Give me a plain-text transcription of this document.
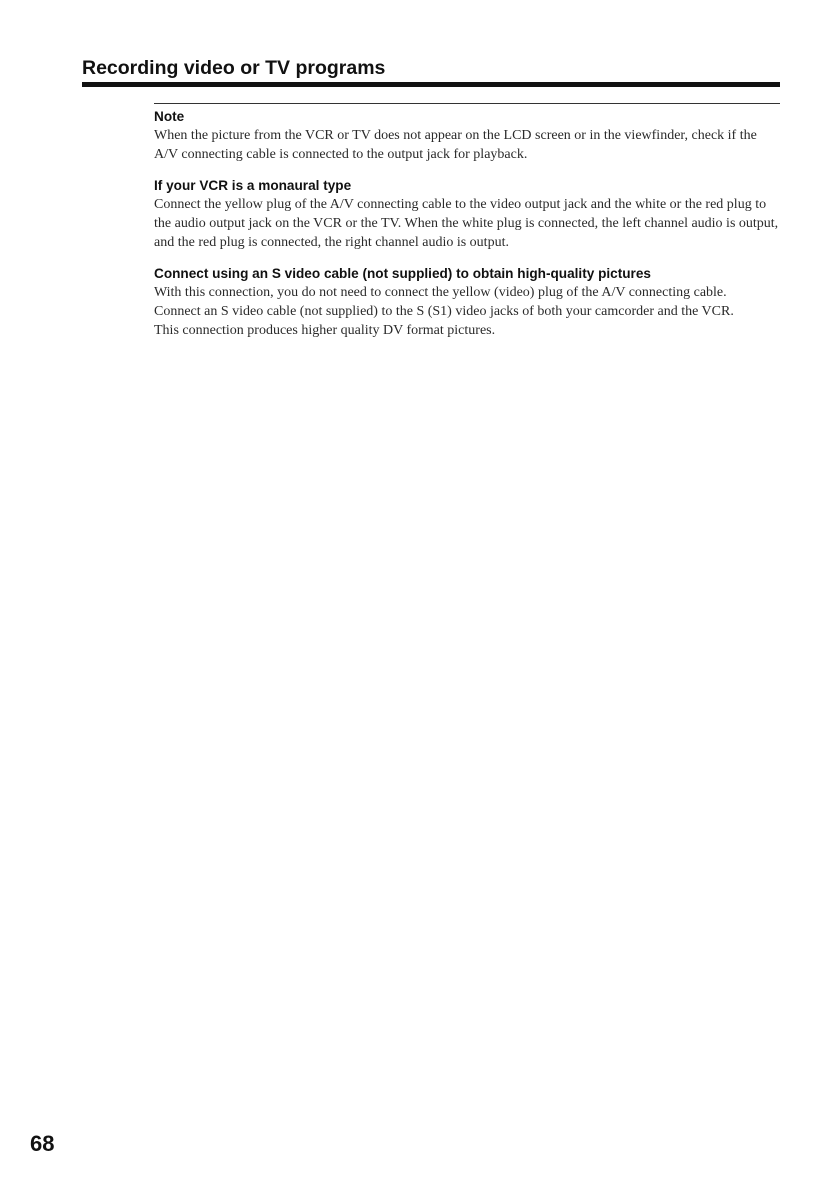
Recording video or TV programs
Note

When the picture from the VCR or TV does not appear on the LCD screen or in the viewfinder, check if the A/V connecting cable is connected to the output jack for playback.

If your VCR is a monaural type

Connect the yellow plug of the A/V connecting cable to the video output jack and the white or the red plug to the audio output jack on the VCR or the TV. When the white plug is connected, the left channel audio is output, and the red plug is connected, the right channel audio is output.

Connect using an S video cable (not supplied) to obtain high-quality pictures

With this connection, you do not need to connect the yellow (video) plug of the A/V connecting cable.

Connect an S video cable (not supplied) to the S (S1) video jacks of both your camcorder and the VCR.

This connection produces higher quality DV format pictures.

68
